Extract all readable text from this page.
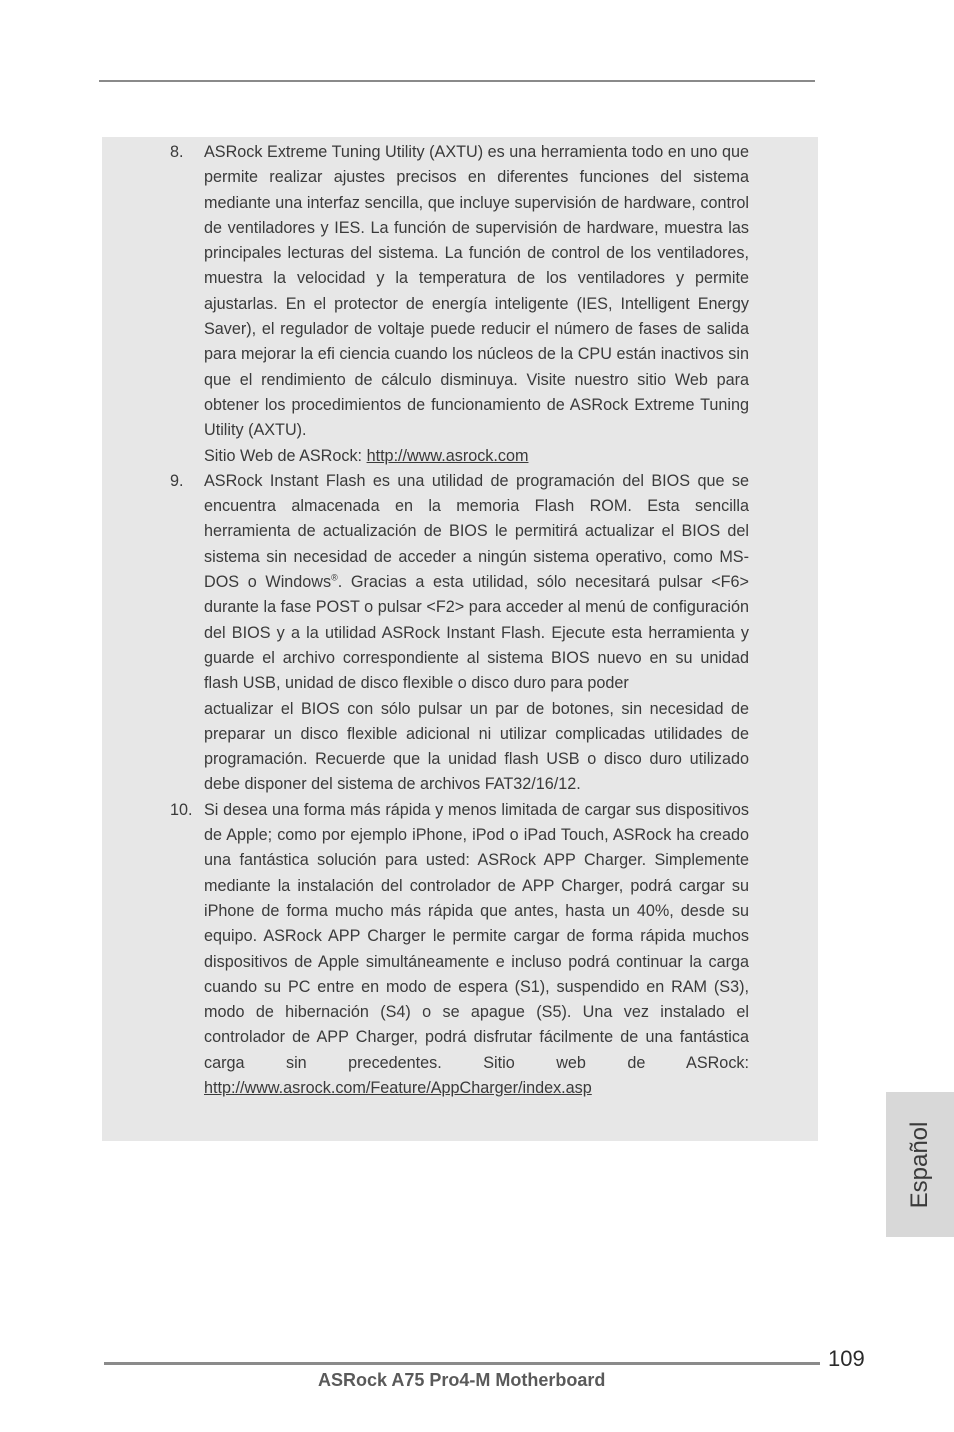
8. ASRock Extreme Tuning Utility (AXTU) es una herramienta todo en uno que permite realizar ajustes precisos en diferentes funciones del sistema mediante una interfaz sencilla, que incluye supervisión de hardware, control de ventiladores y IES. La función de supervisión de hardware, muestra las principales lecturas del sistema. La función de control de los ventiladores, muestra la velocidad y la temperatura de los ventiladores y permite ajustarlas. En el protector de energía inteligente (IES, Intelligent Energy Saver), el regulador de voltaje puede reducir el número de fases de salida para mejorar la efi ciencia cuando los núcleos de la CPU están inactivos sin que el rendimiento de cálculo disminuya. Visite nuestro sitio Web para obtener los procedimientos de funcionamiento de ASRock Extreme Tuning Utility (AXTU).
Sitio Web de ASRock: http://www.asrock.com
9. ASRock Instant Flash es una utilidad de programación del BIOS que se encuentra almacenada en la memoria Flash ROM. Esta sencilla herramienta de actualización de BIOS le permitirá actualizar el BIOS del sistema sin necesidad de acceder a ningún sistema operativo, como MS-DOS o Windows®. Gracias a esta utilidad, sólo necesitará pulsar <F6> durante la fase POST o pulsar <F2> para acceder al menú de configuración del BIOS y a la utilidad ASRock Instant Flash. Ejecute esta herramienta y guarde el archivo correspondiente al sistema BIOS nuevo en su unidad flash USB, unidad de disco flexible o disco duro para poder
actualizar el BIOS con sólo pulsar un par de botones, sin necesidad de preparar un disco flexible adicional ni utilizar complicadas utilidades de programación. Recuerde que la unidad flash USB o disco duro utilizado debe disponer del sistema de archivos FAT32/16/12.
10. Si desea una forma más rápida y menos limitada de cargar sus dispositivos de Apple; como por ejemplo iPhone, iPod o iPad Touch, ASRock ha creado una fantástica solución para usted: ASRock APP Charger. Simplemente mediante la instalación del controlador de APP Charger, podrá cargar su iPhone de forma mucho más rápida que antes, hasta un 40%, desde su equipo. ASRock APP Charger le permite cargar de forma rápida muchos dispositivos de Apple simultáneamente e incluso podrá continuar la carga cuando su PC entre en modo de espera (S1), suspendido en RAM (S3), modo de hibernación (S4) o se apague (S5). Una vez instalado el controlador de APP Charger, podrá disfrutar fácilmente de una fantástica carga sin precedentes. Sitio web de ASRock: http://www.asrock.com/Feature/AppCharger/index.asp
Español
109
ASRock A75 Pro4-M Motherboard
